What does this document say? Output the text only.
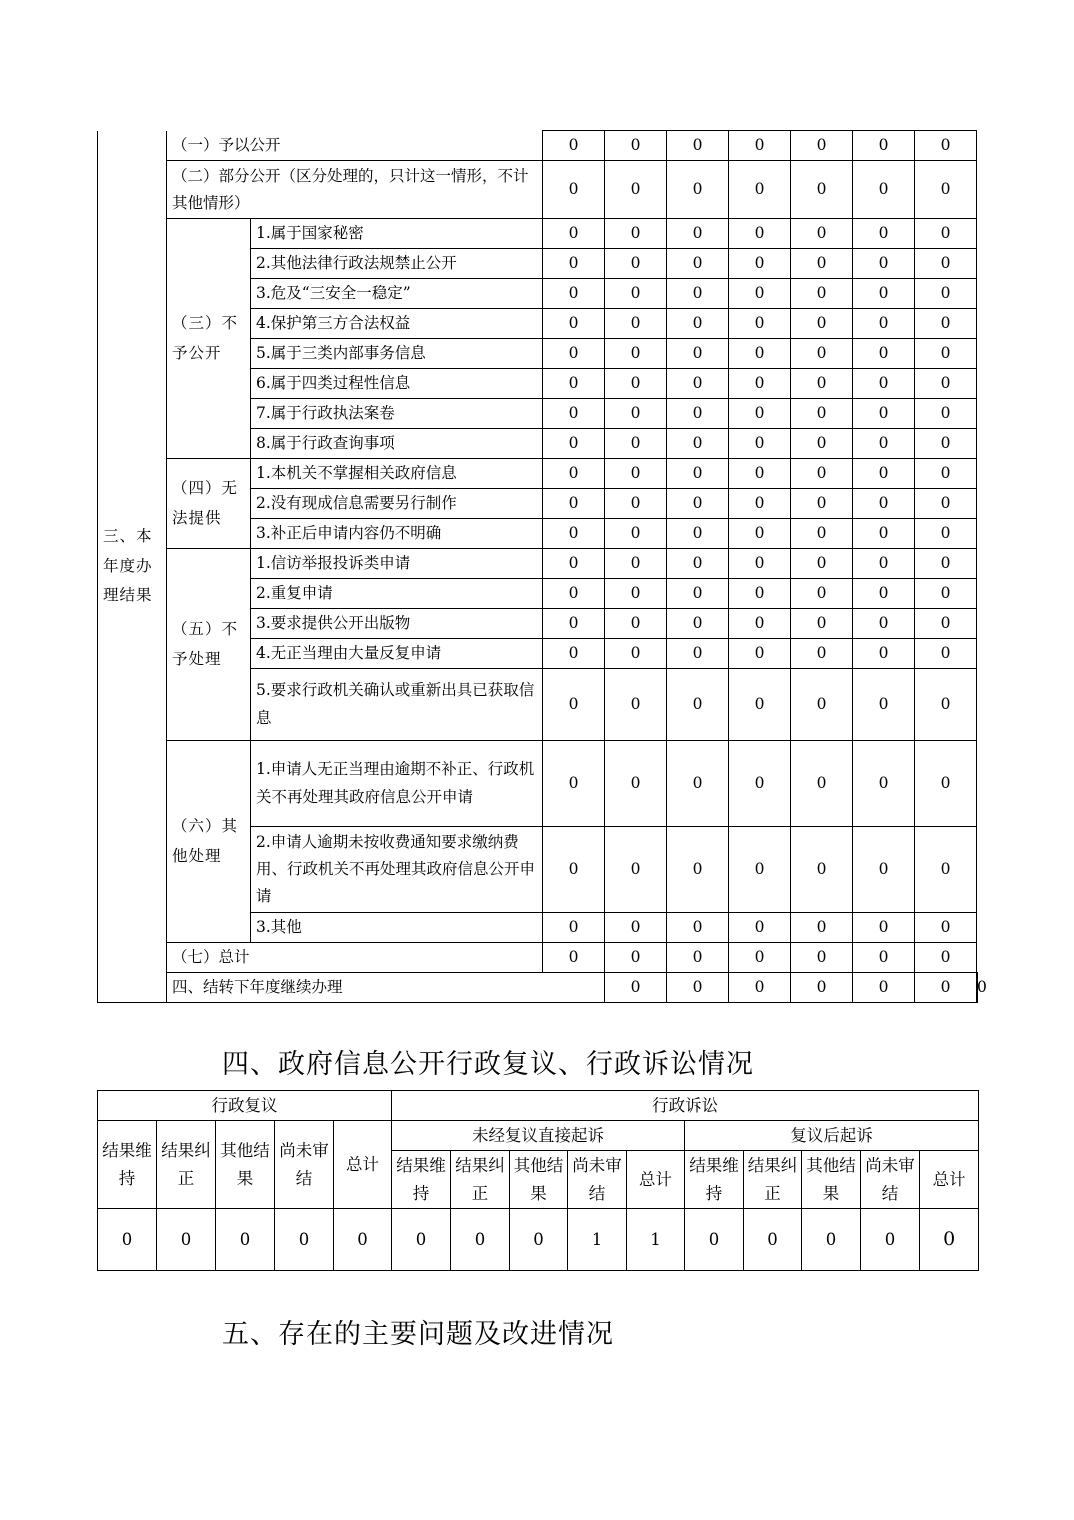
三、本年度办理结果	（一）予以公开		0	0	0	0	0	0	0	
	（二）部分公开（区分处理的，只计这一情形，不计其他情形）		0	0	0	0	0	0	0	
	（三）不予公开	1.属于国家秘密	0	0	0	0	0	0	0	
		2.其他法律行政法规禁止公开	0	0	0	0	0	0	0	
		3.危及“三安全一稳定”	0	0	0	0	0	0	0	
		4.保护第三方合法权益	0	0	0	0	0	0	0	
		5.属于三类内部事务信息	0	0	0	0	0	0	0	
		6.属于四类过程性信息	0	0	0	0	0	0	0	
		7.属于行政执法案卷	0	0	0	0	0	0	0	
		8.属于行政查询事项	0	0	0	0	0	0	0	
	（四）无法提供	1.本机关不掌握相关政府信息	0	0	0	0	0	0	0	
		2.没有现成信息需要另行制作	0	0	0	0	0	0	0	
		3.补正后申请内容仍不明确	0	0	0	0	0	0	0	
	（五）不予处理	1.信访举报投诉类申请	0	0	0	0	0	0	0	
		2.重复申请	0	0	0	0	0	0	0	
		3.要求提供公开出版物	0	0	0	0	0	0	0	
		4.无正当理由大量反复申请	0	0	0	0	0	0	0	
		5.要求行政机关确认或重新出具已获取信息	0	0	0	0	0	0	0	
	（六）其他处理	1.申请人无正当理由逾期不补正、行政机关不再处理其政府信息公开申请	0	0	0	0	0	0	0	
		2.申请人逾期未按收费通知要求缴纳费用、行政机关不再处理其政府信息公开申请	0	0	0	0	0	0	0	
		3.其他	0	0	0	0	0	0	0	
	（七）总计		0	0	0	0	0	0	0	
	四、结转下年度继续办理			0	0	0	0	0	0	0
四、政府信息公开行政复议、行政诉讼情况
行政复议					行政诉讼									
结果维持	结果纠正	其他结果	尚未审结	总计	未经复议直接起诉					复议后起诉				
					结果维持	结果纠正	其他结果	尚未审结	总计	结果维持	结果纠正	其他结果	尚未审结	总计
0	0	0	0	0	0	0	0	1	1	0	0	0	0	0
五、存在的主要问题及改进情况
